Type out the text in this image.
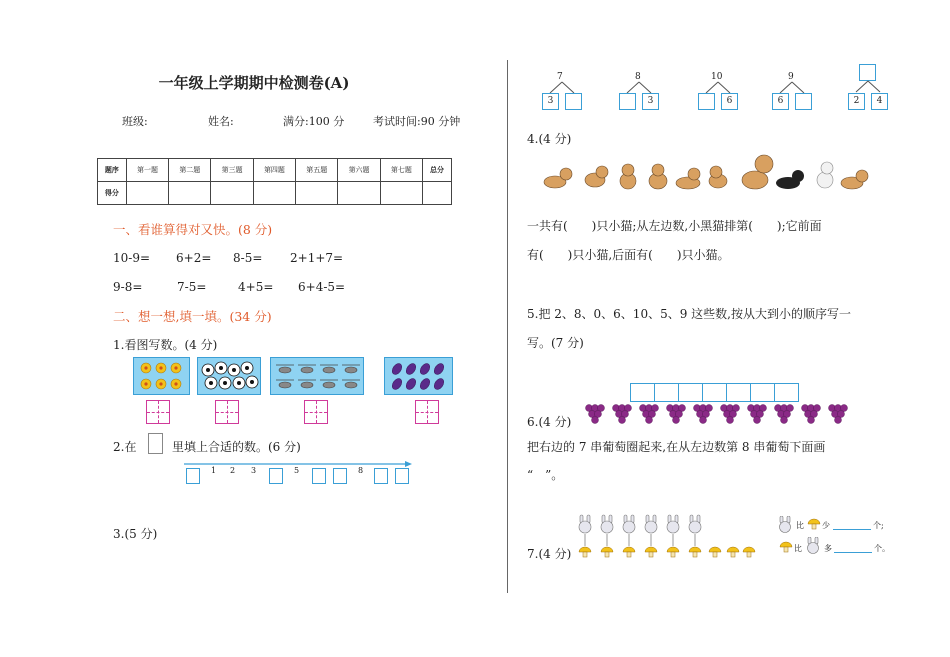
一年级上学期期中检测卷(A)
班级:	姓名:	满分:100 分	考试时间:90 分钟
题序	第一题	第二题	第三题	第四题	第五题	第六题	第七题	总分
得分								
一、看谁算得对又快。(8 分)
10-9= 6+2= 8-5= 2+1+7=
9-8=	7-5=	4+5= 6+4-5=
二、想一想,填一填。(34 分)
1.看图写数。(4 分)
2.在	里填上合适的数。(6 分)
1 2 3	5	8
3.(5 分)
7
3
8
3
10
6
9
6	2	4
4.(4 分)
一共有(　　)只小猫;从左边数,小黑猫排第(　　);它前面
有(　　)只小猫,后面有(　　)只小猫。
5.把 2、8、0、6、10、5、9 这些数,按从大到小的顺序写一
写。(7 分)
6.(4 分)
把右边的 7 串葡萄圈起来,在从左边数第 8 串葡萄下面画
“　”。
7.(4 分)
比 少	个;
比	多	个。
